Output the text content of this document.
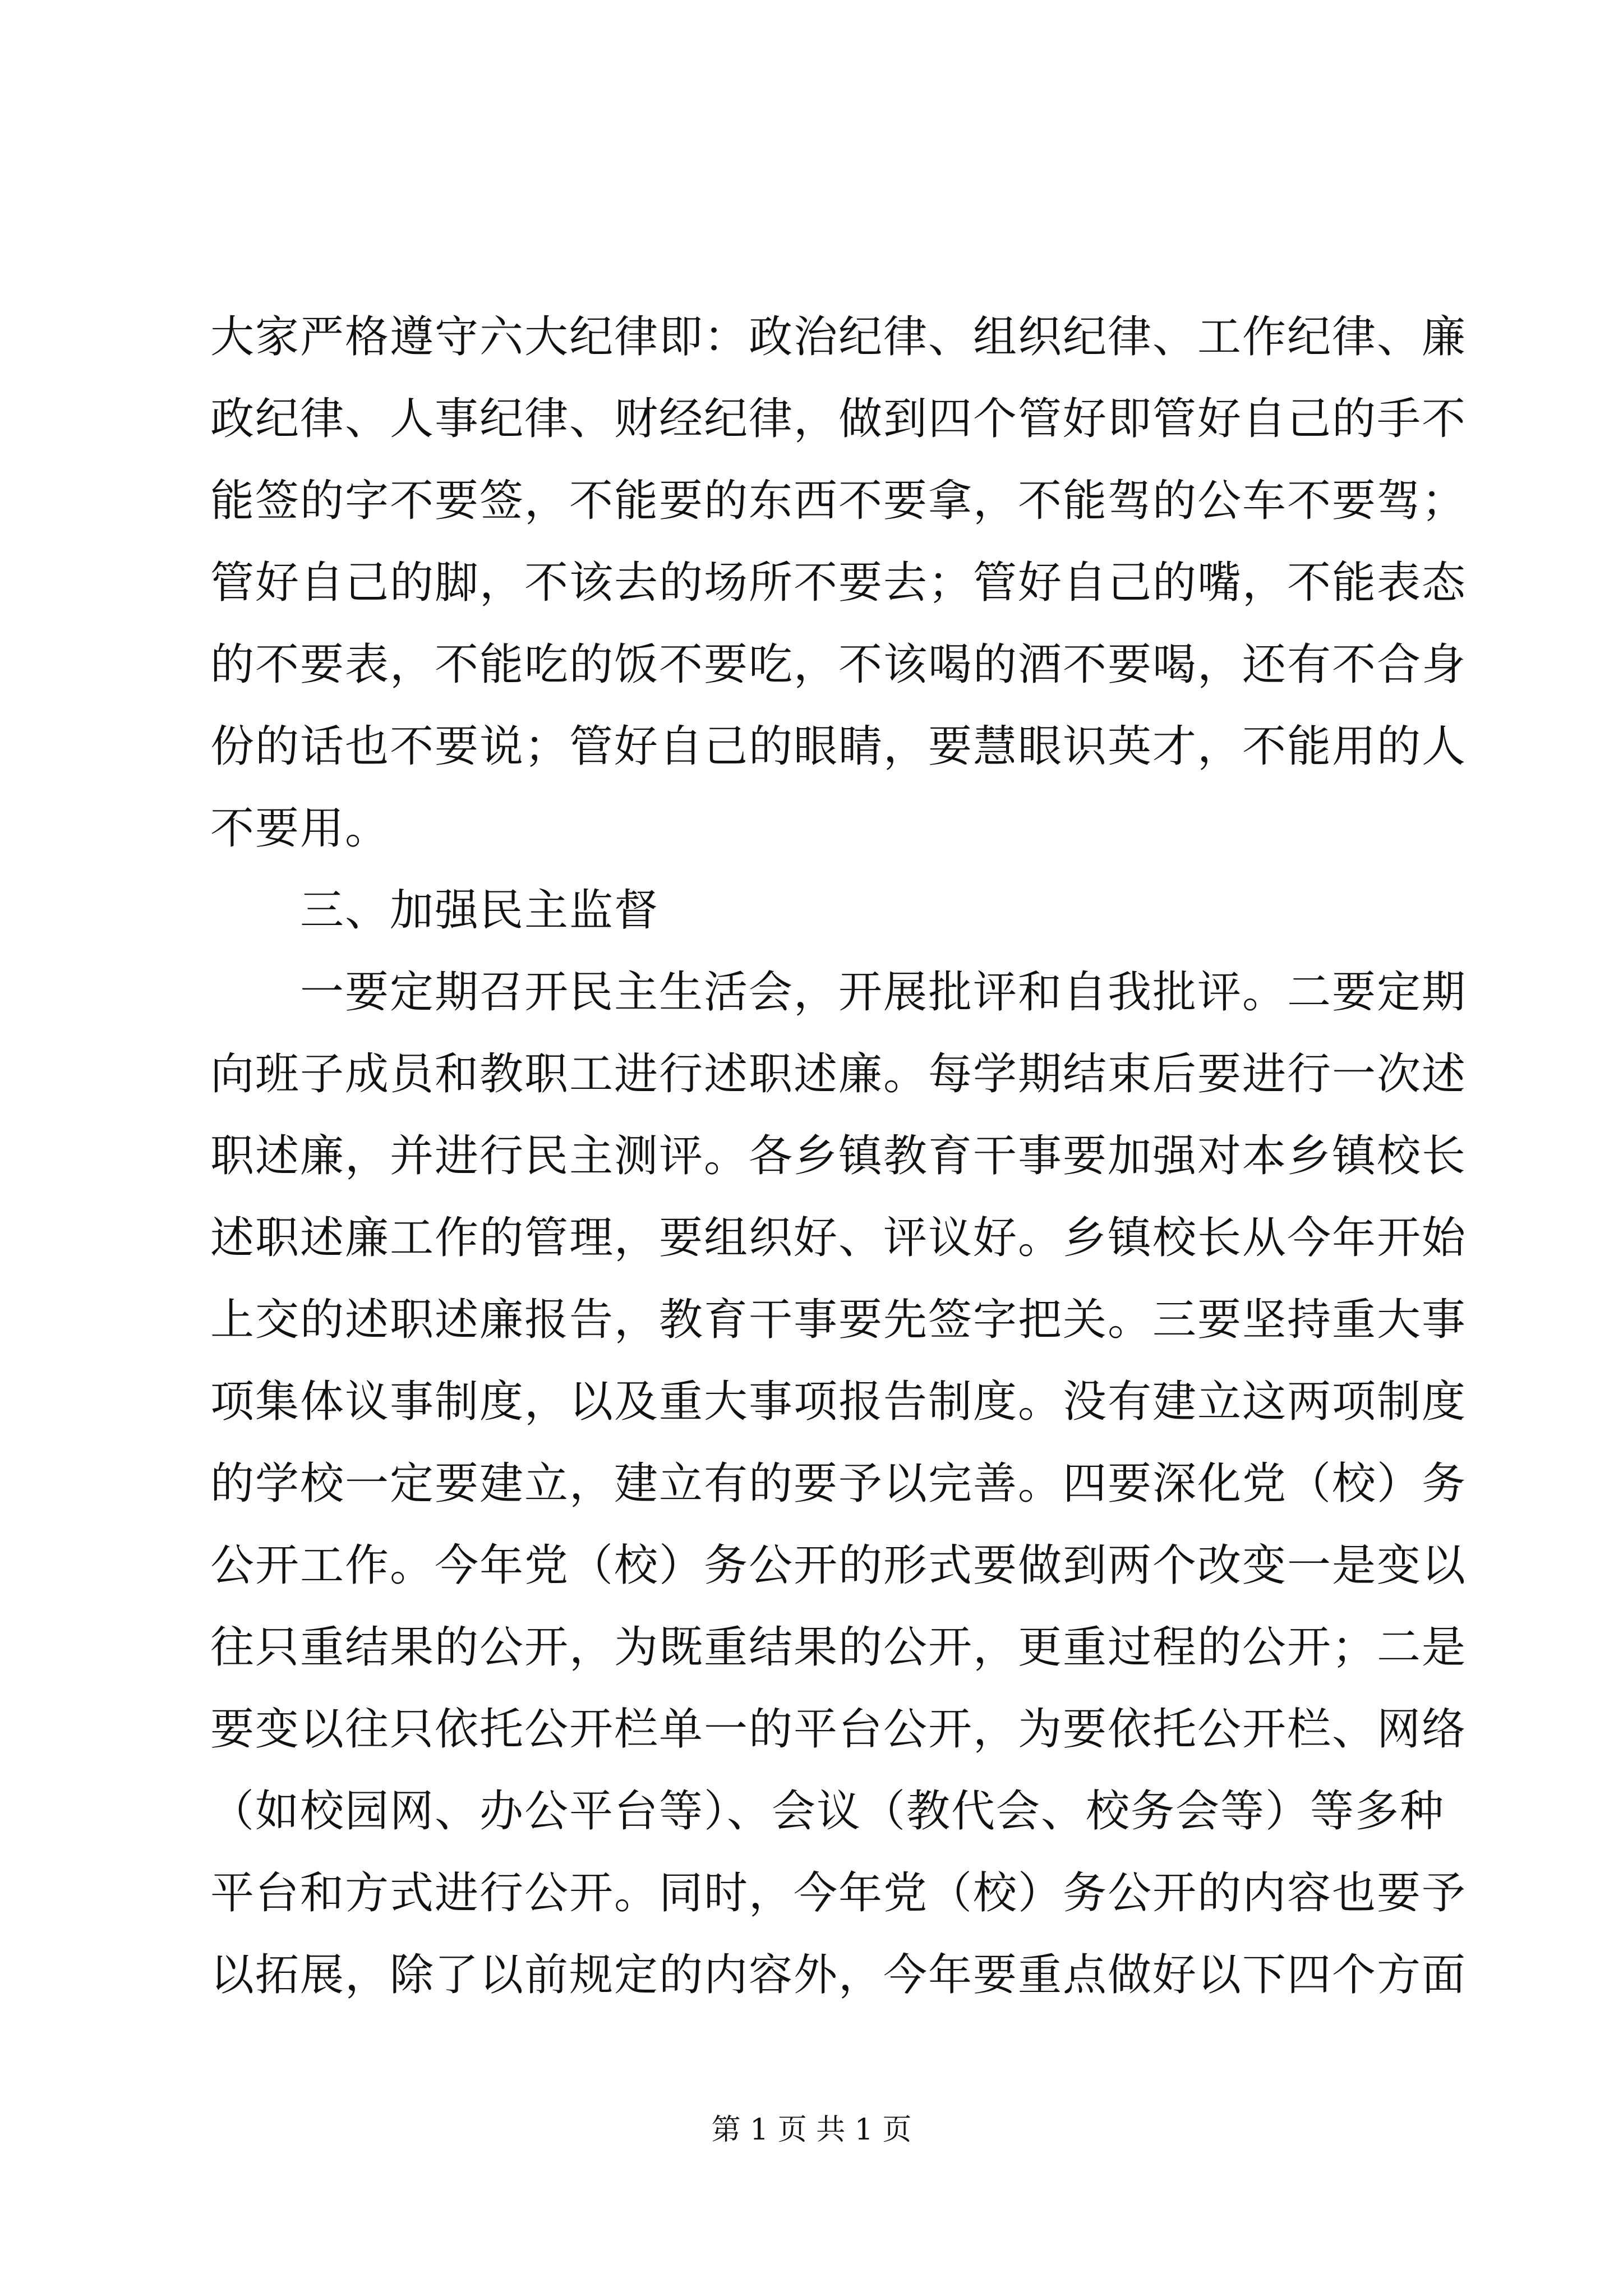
大家严格遵守六大纪律即：政治纪律、组织纪律、工作纪律、廉
政纪律、人事纪律、财经纪律，做到四个管好即管好自己的手不
能签的字不要签，不能要的东西不要拿，不能驾的公车不要驾；
管好自己的脚，不该去的场所不要去；管好自己的嘴，不能表态
的不要表，不能吃的饭不要吃，不该喝的酒不要喝，还有不合身
份的话也不要说；管好自己的眼睛，要慧眼识英才，不能用的人
不要用。
三、加强民主监督
一要定期召开民主生活会，开展批评和自我批评。二要定期
向班子成员和教职工进行述职述廉。每学期结束后要进行一次述
职述廉，并进行民主测评。各乡镇教育干事要加强对本乡镇校长
述职述廉工作的管理，要组织好、评议好。乡镇校长从今年开始
上交的述职述廉报告，教育干事要先签字把关。三要坚持重大事
项集体议事制度，以及重大事项报告制度。没有建立这两项制度
的学校一定要建立，建立有的要予以完善。四要深化党（校）务
公开工作。今年党（校）务公开的形式要做到两个改变一是变以
往只重结果的公开，为既重结果的公开，更重过程的公开；二是
要变以往只依托公开栏单一的平台公开，为要依托公开栏、网络
（如校园网、办公平台等）、会议（教代会、校务会等）等多种
平台和方式进行公开。同时，今年党（校）务公开的内容也要予
以拓展，除了以前规定的内容外，今年要重点做好以下四个方面
第 1 页 共 1 页
